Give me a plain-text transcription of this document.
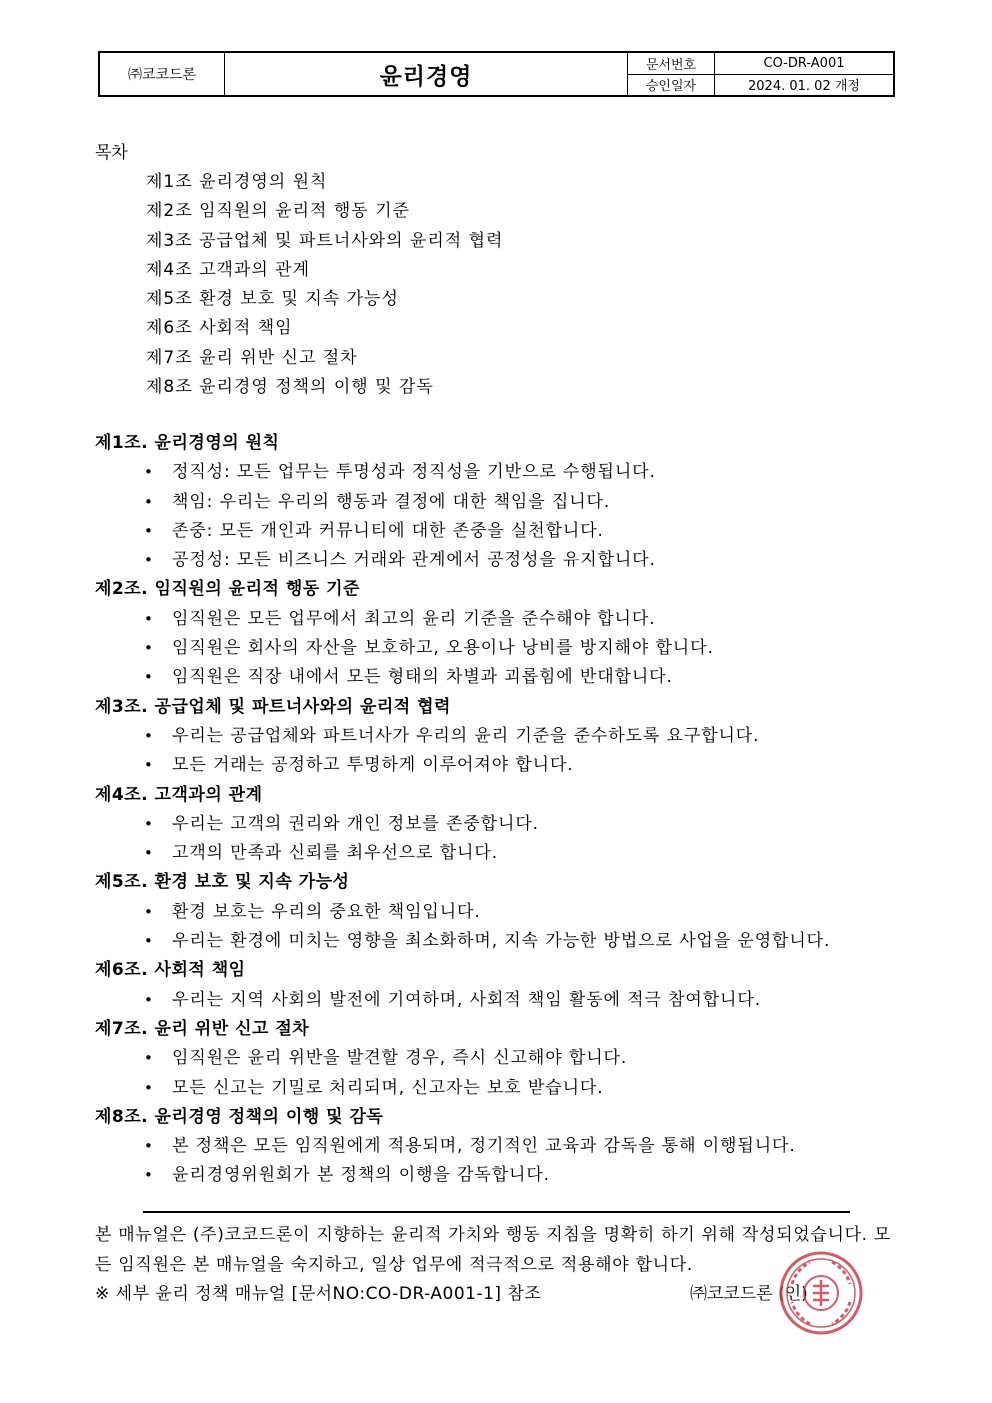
㈜코코드론	윤리경영	문서번호	CO-DR-A001
승인일자	2024. 01. 02 개정
목차
제1조 윤리경영의 원칙
제2조 임직원의 윤리적 행동 기준
제3조 공급업체 및 파트너사와의 윤리적 협력
제4조 고객과의 관계
제5조 환경 보호 및 지속 가능성
제6조 사회적 책임
제7조 윤리 위반 신고 절차
제8조 윤리경영 정책의 이행 및 감독
제1조. 윤리경영의 원칙
• 정직성: 모든 업무는 투명성과 정직성을 기반으로 수행됩니다.
• 책임: 우리는 우리의 행동과 결정에 대한 책임을 집니다.
• 존중: 모든 개인과 커뮤니티에 대한 존중을 실천합니다.
• 공정성: 모든 비즈니스 거래와 관계에서 공정성을 유지합니다.
제2조. 임직원의 윤리적 행동 기준
• 임직원은 모든 업무에서 최고의 윤리 기준을 준수해야 합니다.
• 임직원은 회사의 자산을 보호하고, 오용이나 낭비를 방지해야 합니다.
• 임직원은 직장 내에서 모든 형태의 차별과 괴롭힘에 반대합니다.
제3조. 공급업체 및 파트너사와의 윤리적 협력
• 우리는 공급업체와 파트너사가 우리의 윤리 기준을 준수하도록 요구합니다.
• 모든 거래는 공정하고 투명하게 이루어져야 합니다.
제4조. 고객과의 관계
• 우리는 고객의 권리와 개인 정보를 존중합니다.
• 고객의 만족과 신뢰를 최우선으로 합니다.
제5조. 환경 보호 및 지속 가능성
• 환경 보호는 우리의 중요한 책임입니다.
• 우리는 환경에 미치는 영향을 최소화하며, 지속 가능한 방법으로 사업을 운영합니다.
제6조. 사회적 책임
• 우리는 지역 사회의 발전에 기여하며, 사회적 책임 활동에 적극 참여합니다.
제7조. 윤리 위반 신고 절차
• 임직원은 윤리 위반을 발견할 경우, 즉시 신고해야 합니다.
• 모든 신고는 기밀로 처리되며, 신고자는 보호 받습니다.
제8조. 윤리경영 정책의 이행 및 감독
• 본 정책은 모든 임직원에게 적용되며, 정기적인 교육과 감독을 통해 이행됩니다.
• 윤리경영위원회가 본 정책의 이행을 감독합니다.

본 매뉴얼은 (주)코코드론이 지향하는 윤리적 가치와 행동 지침을 명확히 하기 위해 작성되었습니다. 모든 임직원은 본 매뉴얼을 숙지하고, 일상 업무에 적극적으로 적용해야 합니다.

※ 세부 윤리 정책 매뉴얼 [문서NO:CO-DR-A001-1] 참조	㈜코코드론 (인)
